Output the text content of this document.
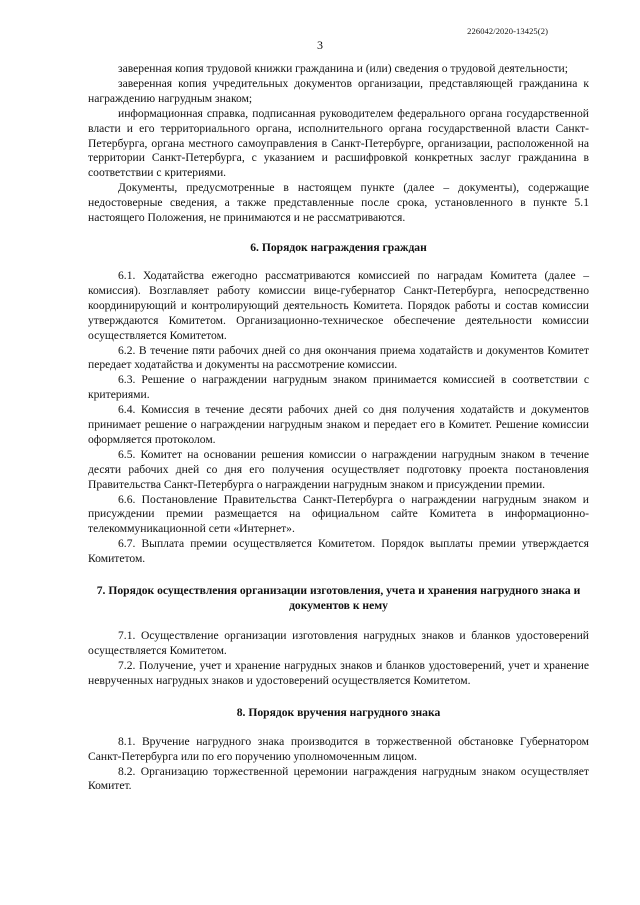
226042/2020-13425(2)
3

заверенная копия трудовой книжки гражданина и (или) сведения о трудовой деятельности;

заверенная копия учредительных документов организации, представляющей гражданина к награждению нагрудным знаком;

информационная справка, подписанная руководителем федерального органа государственной власти и его территориального органа, исполнительного органа государственной власти Санкт-Петербурга, органа местного самоуправления в Санкт-Петербурге, организации, расположенной на территории Санкт-Петербурга, с указанием и расшифровкой конкретных заслуг гражданина в соответствии с критериями.

Документы, предусмотренные в настоящем пункте (далее – документы), содержащие недостоверные сведения, а также представленные после срока, установленного в пункте 5.1 настоящего Положения, не принимаются и не рассматриваются.

6. Порядок награждения граждан

6.1. Ходатайства ежегодно рассматриваются комиссией по наградам Комитета (далее – комиссия). Возглавляет работу комиссии вице-губернатор Санкт-Петербурга, непосредственно координирующий и контролирующий деятельность Комитета. Порядок работы и состав комиссии утверждаются Комитетом. Организационно-техническое обеспечение деятельности комиссии осуществляется Комитетом.

6.2. В течение пяти рабочих дней со дня окончания приема ходатайств и документов Комитет передает ходатайства и документы на рассмотрение комиссии.

6.3. Решение о награждении нагрудным знаком принимается комиссией в соответствии с критериями.

6.4. Комиссия в течение десяти рабочих дней со дня получения ходатайств и документов принимает решение о награждении нагрудным знаком и передает его в Комитет. Решение комиссии оформляется протоколом.

6.5. Комитет на основании решения комиссии о награждении нагрудным знаком в течение десяти рабочих дней со дня его получения осуществляет подготовку проекта постановления Правительства Санкт-Петербурга о награждении нагрудным знаком и присуждении премии.

6.6. Постановление Правительства Санкт-Петербурга о награждении нагрудным знаком и присуждении премии размещается на официальном сайте Комитета в информационно-телекоммуникационной сети «Интернет».

6.7. Выплата премии осуществляется Комитетом. Порядок выплаты премии утверждается Комитетом.

7. Порядок осуществления организации изготовления, учета и хранения нагрудного знака и документов к нему

7.1. Осуществление организации изготовления нагрудных знаков и бланков удостоверений осуществляется Комитетом.

7.2. Получение, учет и хранение нагрудных знаков и бланков удостоверений, учет и хранение неврученных нагрудных знаков и удостоверений осуществляется Комитетом.

8. Порядок вручения нагрудного знака

8.1. Вручение нагрудного знака производится в торжественной обстановке Губернатором Санкт-Петербурга или по его поручению уполномоченным лицом.

8.2. Организацию торжественной церемонии награждения нагрудным знаком осуществляет Комитет.
